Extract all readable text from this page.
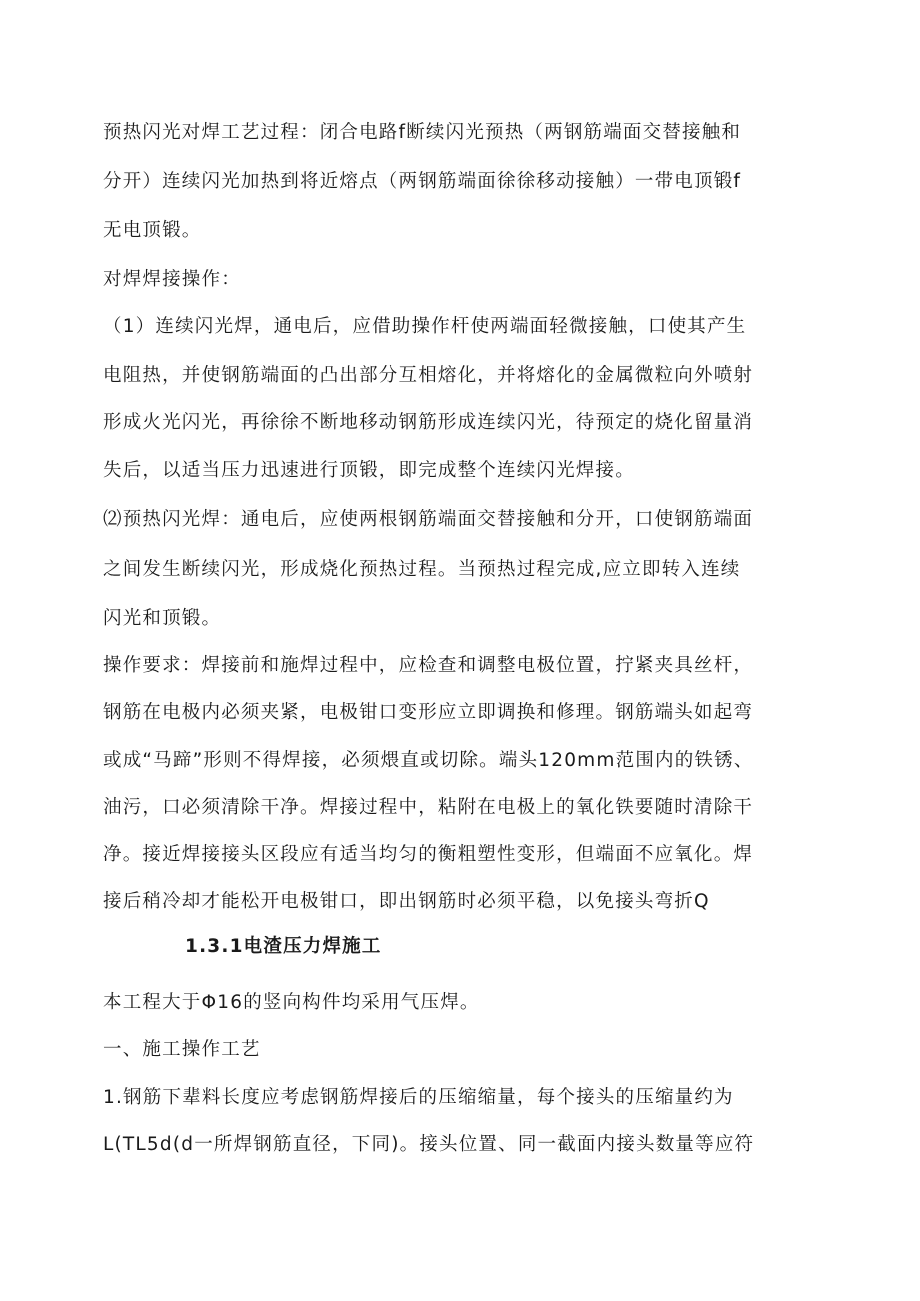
预热闪光对焊工艺过程：闭合电路f断续闪光预热（两钢筋端面交替接触和
分开）连续闪光加热到将近熔点（两钢筋端面徐徐移动接触）一带电顶锻f
无电顶锻。
对焊焊接操作：
（1）连续闪光焊，通电后，应借助操作杆使两端面轻微接触，口使其产生
电阻热，并使钢筋端面的凸出部分互相熔化，并将熔化的金属微粒向外喷射
形成火光闪光，再徐徐不断地移动钢筋形成连续闪光，待预定的烧化留量消
失后，以适当压力迅速进行顶锻，即完成整个连续闪光焊接。
⑵预热闪光焊：通电后，应使两根钢筋端面交替接触和分开，口使钢筋端面
之间发生断续闪光，形成烧化预热过程。当预热过程完成,应立即转入连续
闪光和顶锻。
操作要求：焊接前和施焊过程中，应检查和调整电极位置，拧紧夹具丝杆，
钢筋在电极内必须夹紧，电极钳口变形应立即调换和修理。钢筋端头如起弯
或成“马蹄”形则不得焊接，必须煨直或切除。端头120mm范围内的铁锈、
油污，口必须清除干净。焊接过程中，粘附在电极上的氧化铁要随时清除干
净。接近焊接接头区段应有适当均匀的衡粗塑性变形，但端面不应氧化。焊
接后稍冷却才能松开电极钳口，即出钢筋时必须平稳，以免接头弯折Q
1.3.1电渣压力焊施工
本工程大于Φ16的竖向构件均采用气压焊。
一、施工操作工艺
1.钢筋下辈料长度应考虑钢筋焊接后的压缩缩量，每个接头的压缩量约为
L(TL5d(d一所焊钢筋直径，下同)。接头位置、同一截面内接头数量等应符
